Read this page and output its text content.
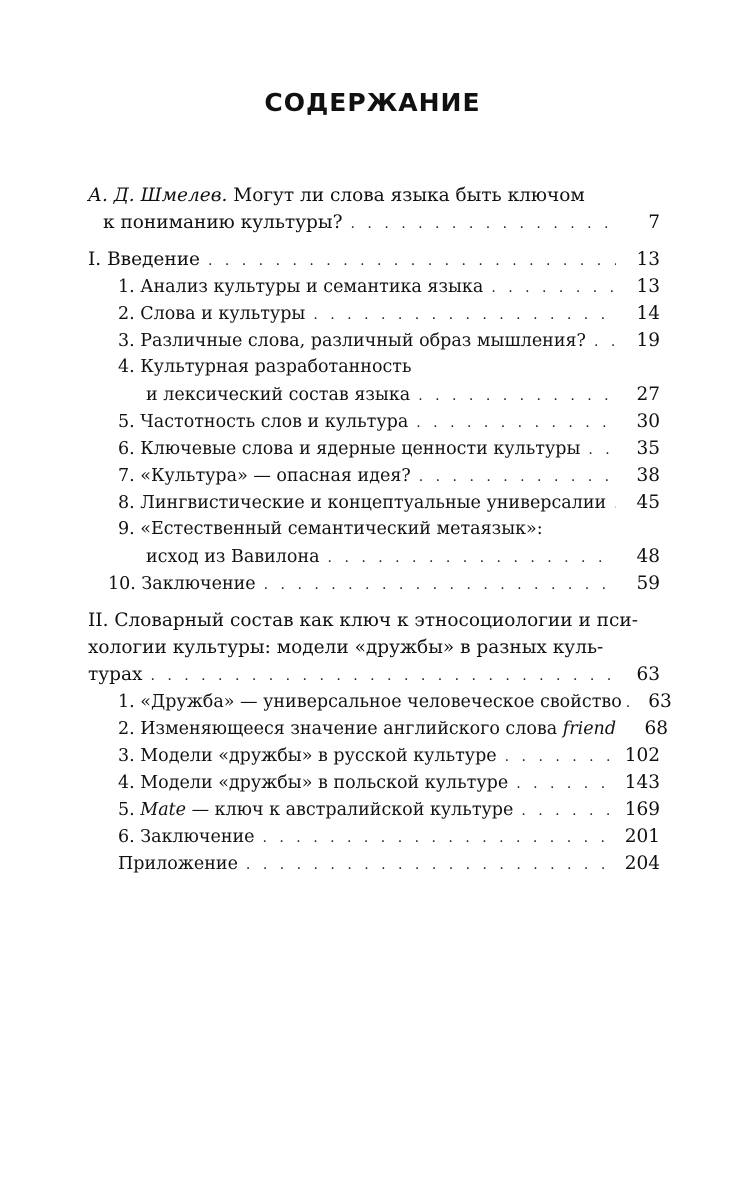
СОДЕРЖАНИЕ
А. Д. Шмелев. Могут ли слова языка быть ключом
к пониманию культуры? . . .	7
I. Введение . . .	13
1. Анализ культуры и семантика языка . . .	13
2. Слова и культуры . . .	14
3. Различные слова, различный образ мышления? . . .	19
4. Культурная разработанность
и лексический состав языка . . .	27
5. Частотность слов и культура . . .	30
6. Ключевые слова и ядерные ценности культуры . . .	35
7. «Культура» — опасная идея? . . .	38
8. Лингвистические и концептуальные универсалии . . .	45
9. «Естественный семантический метаязык»:
исход из Вавилона . . .	48
10. Заключение . . .	59
II. Словарный состав как ключ к этносоциологии и пси-
хологии культуры: модели «дружбы» в разных куль-
турах . . .	63
1. «Дружба» — универсальное человеческое свойство . . .	63
2. Изменяющееся значение английского слова friend	68
3. Модели «дружбы» в русской культуре . . .	102
4. Модели «дружбы» в польской культуре . . .	143
5. Mate — ключ к австралийской культуре . . .	169
6. Заключение . . .	201
Приложение . . .	204
